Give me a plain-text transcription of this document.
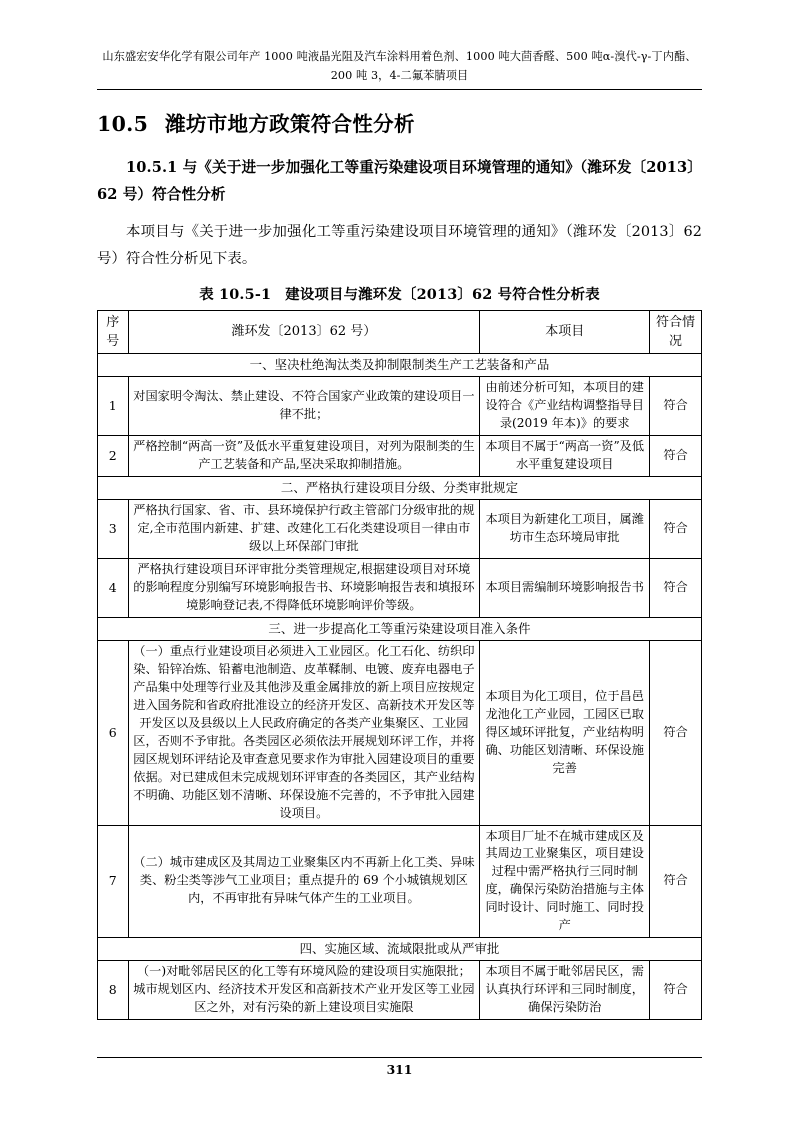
山东盛宏安华化学有限公司年产 1000 吨液晶光阻及汽车涂料用着色剂、1000 吨大茴香醛、500 吨α-溴代-γ-丁内酯、200 吨 3，4-二氟苯腈项目
10.5 潍坊市地方政策符合性分析
10.5.1 与《关于进一步加强化工等重污染建设项目环境管理的通知》（潍环发〔2013〕62 号）符合性分析

本项目与《关于进一步加强化工等重污染建设项目环境管理的通知》（潍环发〔2013〕62 号）符合性分析见下表。

表 10.5-1 建设项目与潍环发〔2013〕62 号符合性分析表

序号	潍环发〔2013〕62 号）	本项目	符合情况
一、坚决杜绝淘汰类及抑制限制类生产工艺装备和产品			
1	对国家明令淘汰、禁止建设、不符合国家产业政策的建设项目一律不批；	由前述分析可知，本项目的建设符合《产业结构调整指导目录(2019 年本)》的要求	符合
2	严格控制“两高一资”及低水平重复建设项目，对列为限制类的生产工艺装备和产品,坚决采取抑制措施。	本项目不属于“两高一资”及低水平重复建设项目	符合
二、严格执行建设项目分级、分类审批规定			
3	严格执行国家、省、市、县环境保护行政主管部门分级审批的规定,全市范围内新建、扩建、改建化工石化类建设项目一律由市级以上环保部门审批	本项目为新建化工项目，属潍坊市生态环境局审批	符合
4	严格执行建设项目环评审批分类管理规定,根据建设项目对环境的影响程度分别编写环境影响报告书、环境影响报告表和填报环境影响登记表,不得降低环境影响评价等级。	本项目需编制环境影响报告书	符合
三、进一步提高化工等重污染建设项目准入条件			
6	（一）重点行业建设项目必须进入工业园区。化工石化、纺织印染、铅锌冶炼、铅蓄电池制造、皮革鞣制、电镀、废弃电器电子产品集中处理等行业及其他涉及重金属排放的新上项目应按规定进入国务院和省政府批准设立的经济开发区、高新技术开发区等开发区以及县级以上人民政府确定的各类产业集聚区、工业园区，否则不予审批。各类园区必须依法开展规划环评工作，并将园区规划环评结论及审查意见要求作为审批入园建设项目的重要依据。对已建成但未完成规划环评审查的各类园区，其产业结构不明确、功能区划不清晰、环保设施不完善的，不予审批入园建设项目。	本项目为化工项目，位于昌邑龙池化工产业园，工园区已取得区域环评批复，产业结构明确、功能区划清晰、环保设施完善	符合
7	（二）城市建成区及其周边工业聚集区内不再新上化工类、异味类、粉尘类等涉气工业项目；重点提升的 69 个小城镇规划区内，不再审批有异味气体产生的工业项目。	本项目厂址不在城市建成区及其周边工业聚集区，项目建设过程中需严格执行三同时制度，确保污染防治措施与主体同时设计、同时施工、同时投产	符合
四、实施区域、流域限批或从严审批			
8	（一)对毗邻居民区的化工等有环境风险的建设项目实施限批；城市规划区内、经济技术开发区和高新技术产业开发区等工业园区之外，对有污染的新上建设项目实施限	本项目不属于毗邻居民区，需认真执行环评和三同时制度，确保污染防治	符合
311
